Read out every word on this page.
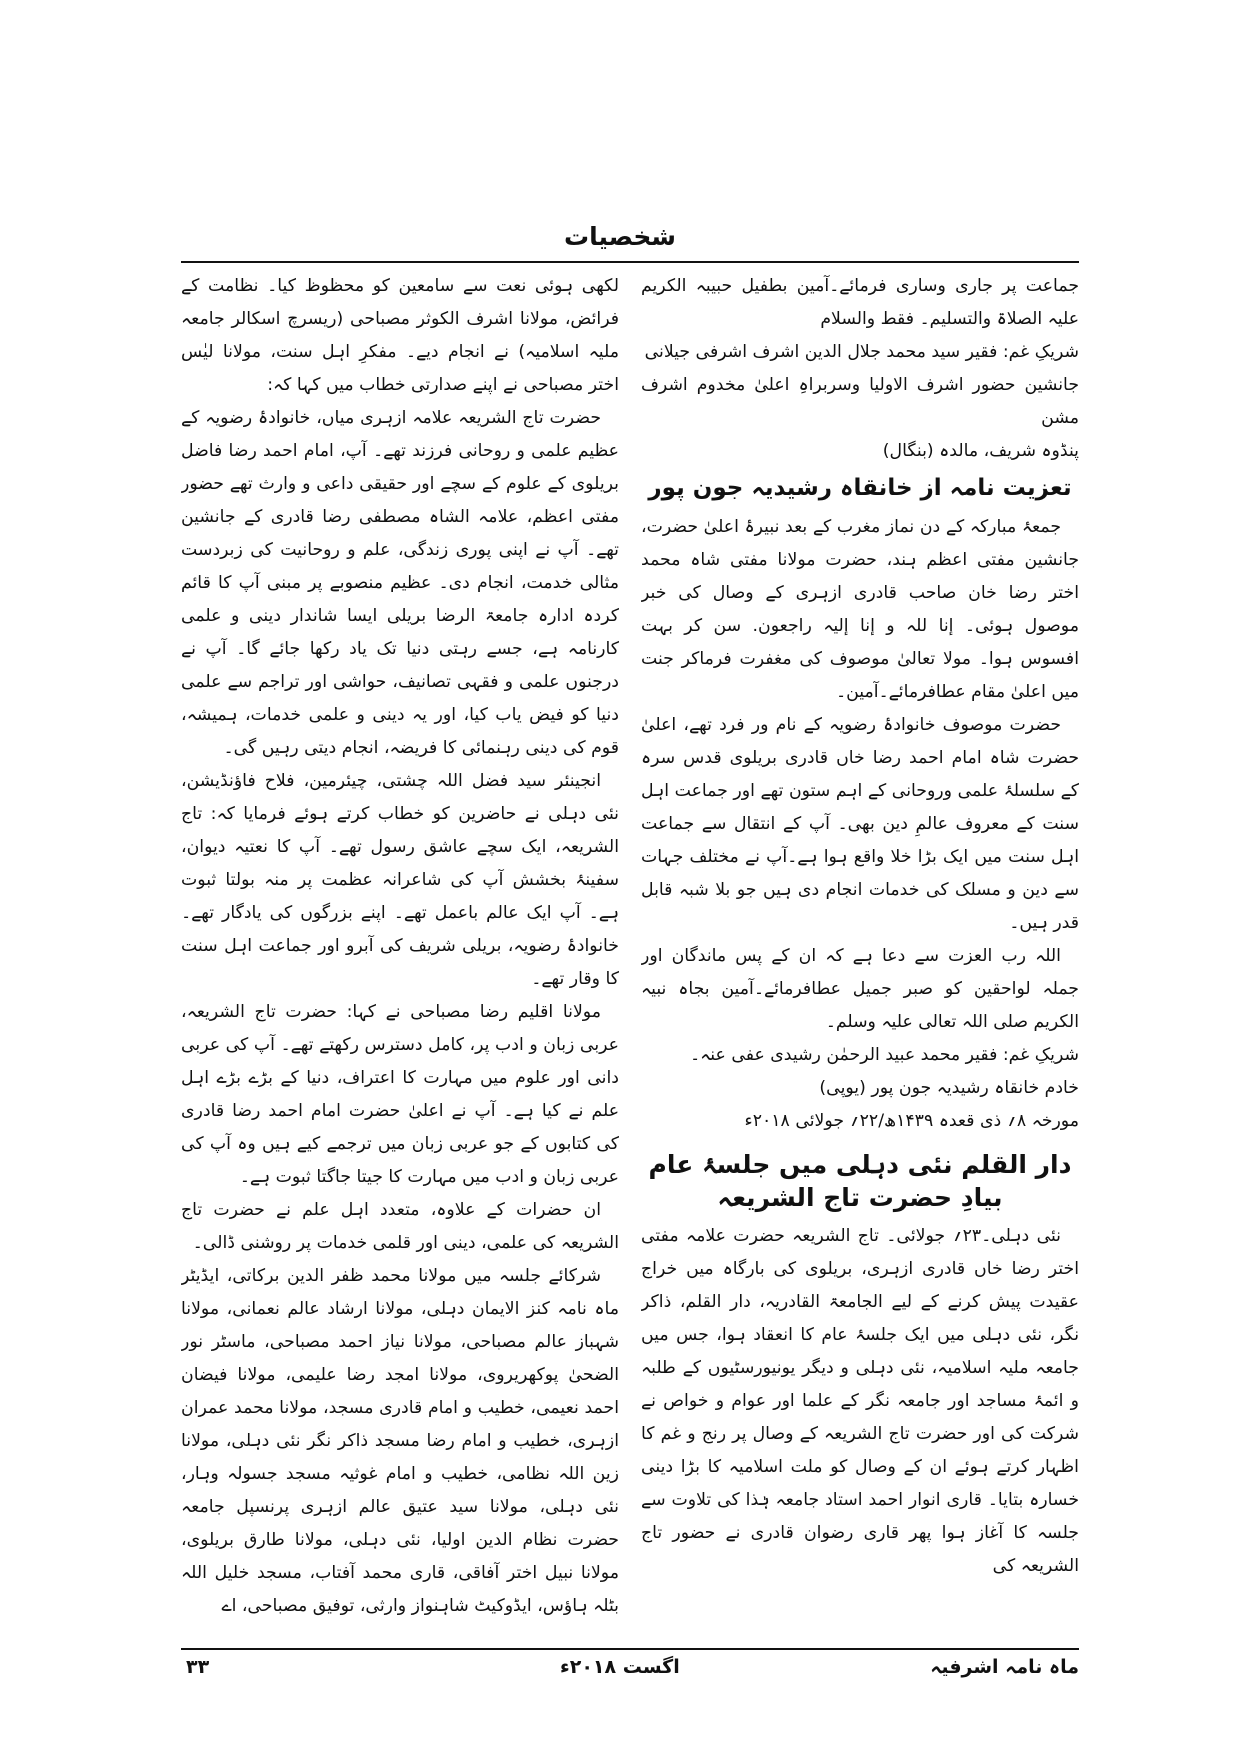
شخصیات

جماعت پر جاری وساری فرمائے۔آمین بطفیل حبیبہ الکریم علیہ الصلاۃ والتسلیم۔ فقط والسلام

شریکِ غم: فقیر سید محمد جلال الدین اشرف اشرفی جیلانی

جانشین حضور اشرف الاولیا وسربراہِ اعلیٰ مخدوم اشرف مشن

پنڈوہ شریف، مالدہ (بنگال)

تعزیت نامہ از خانقاہ رشیدیہ جون پور

جمعۂ مبارکہ کے دن نماز مغرب کے بعد نبیرۂ اعلیٰ حضرت، جانشین مفتی اعظم ہند، حضرت مولانا مفتی شاہ محمد اختر رضا خان صاحب قادری ازہری کے وصال کی خبر موصول ہوئی۔ إنا للہ و إنا إلیہ راجعون. سن کر بہت افسوس ہوا۔ مولا تعالیٰ موصوف کی مغفرت فرماکر جنت میں اعلیٰ مقام عطافرمائے۔آمین۔

حضرت موصوف خانوادۂ رضویہ کے نام ور فرد تھے، اعلیٰ حضرت شاہ امام احمد رضا خاں قادری بریلوی قدس سرہ کے سلسلۂ علمی وروحانی کے اہم ستون تھے اور جماعت اہل سنت کے معروف عالمِ دین بھی۔ آپ کے انتقال سے جماعت اہل سنت میں ایک بڑا خلا واقع ہوا ہے۔آپ نے مختلف جہات سے دین و مسلک کی خدمات انجام دی ہیں جو بلا شبہ قابل قدر ہیں۔

اللہ رب العزت سے دعا ہے کہ ان کے پس ماندگان اور جملہ لواحقین کو صبر جمیل عطافرمائے۔آمین بجاہ نبیہ الکریم صلی اللہ تعالی علیہ وسلم۔

شریکِ غم: فقیر محمد عبید الرحمٰن رشیدی عفی عنہ۔

خادم خانقاہ رشیدیہ جون پور (یوپی)

مورخہ ۸؍ ذی قعدہ ۱۴۳۹ھ/۲۲؍ جولائی ۲۰۱۸ء

دار القلم نئی دہلی میں جلسۂ عام بیادِ حضرت تاج الشریعہ

نئی دہلی۔۲۳؍ جولائی۔ تاج الشریعہ حضرت علامہ مفتی اختر رضا خاں قادری ازہری، بریلوی کی بارگاہ میں خراج عقیدت پیش کرنے کے لیے الجامعۃ القادریہ، دار القلم، ذاکر نگر، نئی دہلی میں ایک جلسۂ عام کا انعقاد ہوا، جس میں جامعہ ملیہ اسلامیہ، نئی دہلی و دیگر یونیورسٹیوں کے طلبہ و ائمۂ مساجد اور جامعہ نگر کے علما اور عوام و خواص نے شرکت کی اور حضرت تاج الشریعہ کے وصال پر رنج و غم کا اظہار کرتے ہوئے ان کے وصال کو ملت اسلامیہ کا بڑا دینی خسارہ بتایا۔ قاری انوار احمد استاد جامعہ ہٰذا کی تلاوت سے جلسہ کا آغاز ہوا پھر قاری رضوان قادری نے حضور تاج الشریعہ کی

لکھی ہوئی نعت سے سامعین کو محظوظ کیا۔ نظامت کے فرائض، مولانا اشرف الکوثر مصباحی (ریسرچ اسکالر جامعہ ملیہ اسلامیہ) نے انجام دیے۔ مفکرِ اہل سنت، مولانا لیٰس اختر مصباحی نے اپنے صدارتی خطاب میں کہا کہ:

حضرت تاج الشریعہ علامہ ازہری میاں، خانوادۂ رضویہ کے عظیم علمی و روحانی فرزند تھے۔ آپ، امام احمد رضا فاضل بریلوی کے علوم کے سچے اور حقیقی داعی و وارث تھے حضور مفتی اعظم، علامہ الشاہ مصطفی رضا قادری کے جانشین تھے۔ آپ نے اپنی پوری زندگی، علم و روحانیت کی زبردست مثالی خدمت، انجام دی۔ عظیم منصوبے پر مبنی آپ کا قائم کردہ ادارہ جامعۃ الرضا بریلی ایسا شاندار دینی و علمی کارنامہ ہے، جسے رہتی دنیا تک یاد رکھا جائے گا۔ آپ نے درجنوں علمی و فقہی تصانیف، حواشی اور تراجم سے علمی دنیا کو فیض یاب کیا، اور یہ دینی و علمی خدمات، ہمیشہ، قوم کی دینی رہنمائی کا فریضہ، انجام دیتی رہیں گی۔

انجینئر سید فضل اللہ چشتی، چیئرمین، فلاح فاؤنڈیشن، نئی دہلی نے حاضرین کو خطاب کرتے ہوئے فرمایا کہ: تاج الشریعہ، ایک سچے عاشق رسول تھے۔ آپ کا نعتیہ دیوان، سفینۂ بخشش آپ کی شاعرانہ عظمت پر منہ بولتا ثبوت ہے۔ آپ ایک عالم باعمل تھے۔ اپنے بزرگوں کی یادگار تھے۔ خانوادۂ رضویہ، بریلی شریف کی آبرو اور جماعت اہل سنت کا وقار تھے۔

مولانا اقلیم رضا مصباحی نے کہا: حضرت تاج الشریعہ، عربی زبان و ادب پر، کامل دسترس رکھتے تھے۔ آپ کی عربی دانی اور علوم میں مہارت کا اعتراف، دنیا کے بڑے بڑے اہل علم نے کیا ہے۔ آپ نے اعلیٰ حضرت امام احمد رضا قادری کی کتابوں کے جو عربی زبان میں ترجمے کیے ہیں وہ آپ کی عربی زبان و ادب میں مہارت کا جیتا جاگتا ثبوت ہے۔

ان حضرات کے علاوہ، متعدد اہل علم نے حضرت تاج الشریعہ کی علمی، دینی اور قلمی خدمات پر روشنی ڈالی۔

شرکائے جلسہ میں مولانا محمد ظفر الدین برکاتی، ایڈیٹر ماہ نامہ کنز الایمان دہلی، مولانا ارشاد عالم نعمانی، مولانا شہباز عالم مصباحی، مولانا نیاز احمد مصباحی، ماسٹر نور الضحیٰ پوکھریروی، مولانا امجد رضا علیمی، مولانا فیضان احمد نعیمی، خطیب و امام قادری مسجد، مولانا محمد عمران ازہری، خطیب و امام رضا مسجد ذاکر نگر نئی دہلی، مولانا زین اللہ نظامی، خطیب و امام غوثیہ مسجد جسولہ وہار، نئی دہلی، مولانا سید عتیق عالم ازہری پرنسپل جامعہ حضرت نظام الدین اولیا، نئی دہلی، مولانا طارق بریلوی، مولانا نبیل اختر آفاقی، قاری محمد آفتاب، مسجد خلیل اللہ بٹلہ ہاؤس، ایڈوکیٹ شاہنواز وارثی، توفیق مصباحی، اے

ماہ نامہ اشرفیہ
اگست ۲۰۱۸ء
۳۳
